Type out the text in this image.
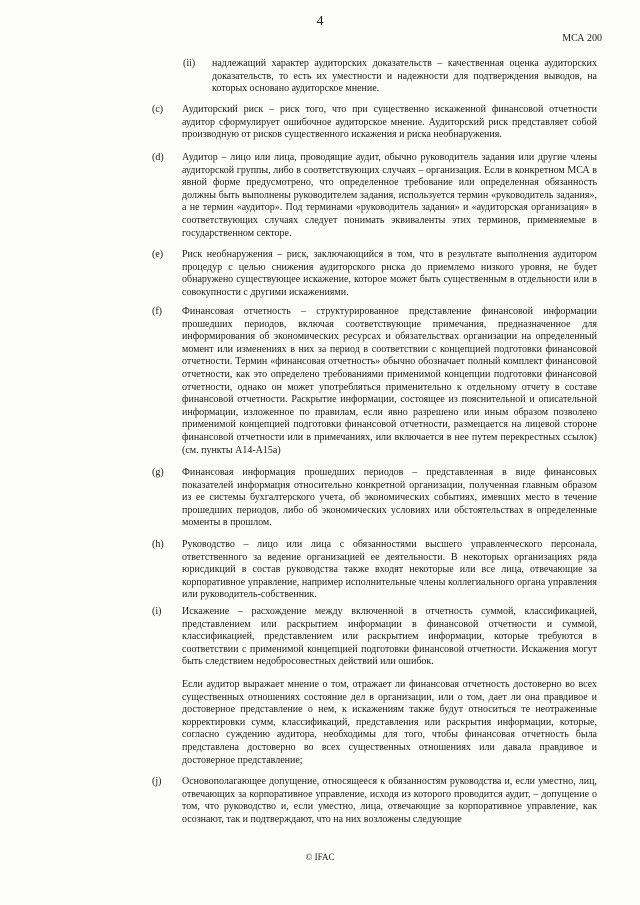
4
МСА 200
(ii) надлежащий характер аудиторских доказательств – качественная оценка аудиторских доказательств, то есть их уместности и надежности для подтверждения выводов, на которых основано аудиторское мнение.
(c) Аудиторский риск – риск того, что при существенно искаженной финансовой отчетности аудитор сформулирует ошибочное аудиторское мнение. Аудиторский риск представляет собой производную от рисков существенного искажения и риска необнаружения.
(d) Аудитор – лицо или лица, проводящие аудит, обычно руководитель задания или другие члены аудиторской группы, либо в соответствующих случаях – организация. Если в конкретном МСА в явной форме предусмотрено, что определенное требование или определенная обязанность должны быть выполнены руководителем задания, используется термин «руководитель задания», а не термин «аудитор». Под терминами «руководитель задания» и «аудиторская организация» в соответствующих случаях следует понимать эквиваленты этих терминов, применяемые в государственном секторе.
(e) Риск необнаружения – риск, заключающийся в том, что в результате выполнения аудитором процедур с целью снижения аудиторского риска до приемлемо низкого уровня, не будет обнаружено существующее искажение, которое может быть существенным в отдельности или в совокупности с другими искажениями.
(f) Финансовая отчетность – структурированное представление финансовой информации прошедших периодов, включая соответствующие примечания, предназначенное для информирования об экономических ресурсах и обязательствах организации на определенный момент или изменениях в них за период в соответствии с концепцией подготовки финансовой отчетности. Термин «финансовая отчетность» обычно обозначает полный комплект финансовой отчетности, как это определено требованиями применимой концепции подготовки финансовой отчетности, однако он может употребляться применительно к отдельному отчету в составе финансовой отчетности. Раскрытие информации, состоящее из пояснительной и описательной информации, изложенное по правилам, если явно разрешено или иным образом позволено применимой концепцией подготовки финансовой отчетности, размещается на лицевой стороне финансовой отчетности или в примечаниях, или включается в нее путем перекрестных ссылок) (см. пункты A14-A15a)
(g) Финансовая информация прошедших периодов – представленная в виде финансовых показателей информация относительно конкретной организации, полученная главным образом из ее системы бухгалтерского учета, об экономических событиях, имевших место в течение прошедших периодов, либо об экономических условиях или обстоятельствах в определенные моменты в прошлом.
(h) Руководство – лицо или лица с обязанностями высшего управленческого персонала, ответственного за ведение организацией ее деятельности. В некоторых организациях ряда юрисдикций в состав руководства также входят некоторые или все лица, отвечающие за корпоративное управление, например исполнительные члены коллегиального органа управления или руководитель-собственник.
(i) Искажение – расхождение между включенной в отчетность суммой, классификацией, представлением или раскрытием информации в финансовой отчетности и суммой, классификацией, представлением или раскрытием информации, которые требуются в соответствии с применимой концепцией подготовки финансовой отчетности. Искажения могут быть следствием недобросовестных действий или ошибок.
Если аудитор выражает мнение о том, отражает ли финансовая отчетность достоверно во всех существенных отношениях состояние дел в организации, или о том, дает ли она правдивое и достоверное представление о нем, к искажениям также будут относиться те неотраженные корректировки сумм, классификаций, представления или раскрытия информации, которые, согласно суждению аудитора, необходимы для того, чтобы финансовая отчетность была представлена достоверно во всех существенных отношениях или давала правдивое и достоверное представление;
(j) Основополагающее допущение, относящееся к обязанностям руководства и, если уместно, лиц, отвечающих за корпоративное управление, исходя из которого проводится аудит, – допущение о том, что руководство и, если уместно, лица, отвечающие за корпоративное управление, как осознают, так и подтверждают, что на них возложены следующие
© IFAC
